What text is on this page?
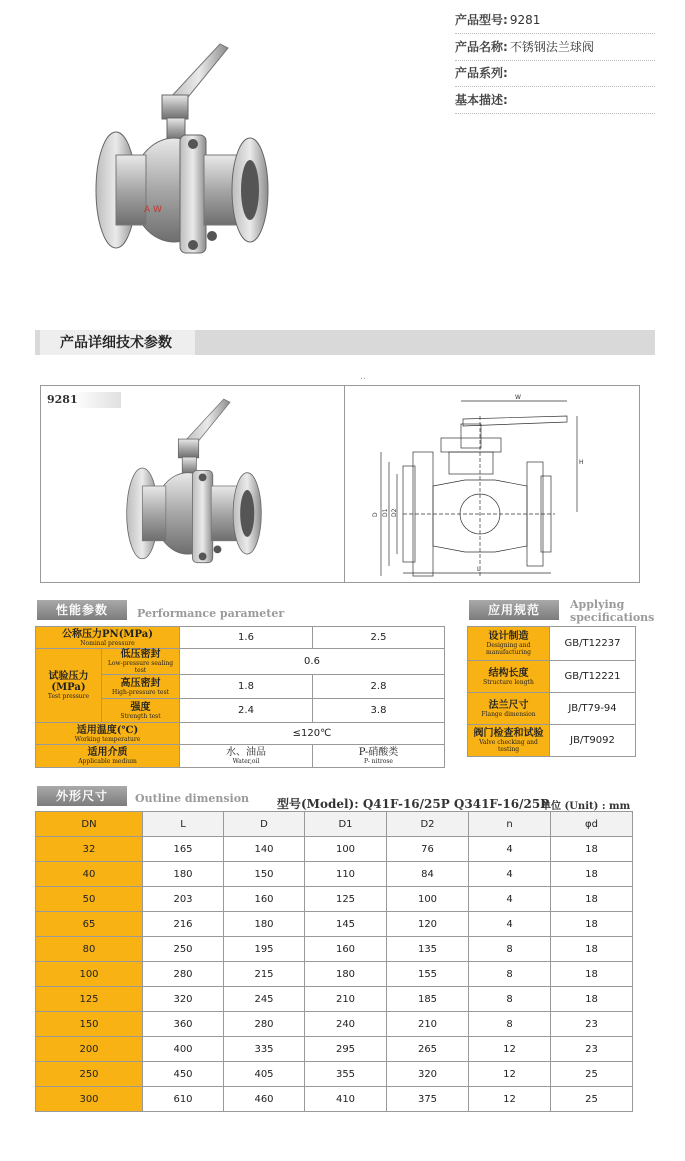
A W
产品型号: 9281
产品名称: 不锈钢法兰球阀
产品系列:
基本描述:
产品详细技术参数
..
9281	W
H
D D1 D2
L
性能参数	Performance parameter
公称压力PN(MPa)
Nominal pressure		1.6	2.5

试验压力
(MPa)
Test pressure	低压密封
Low-pressure sealing test	0.6	

	高压密封
High-pressure test	1.8	2.8

	强度
Strength test	2.4	3.8

适用温度(℃)
Working temperature		≤120℃	

适用介质
Applicable medium		水、油品
Water,oil	P-硝酸类
P- nitrose
应用规范	Applying
specifications
设计制造
Designing and manufacturing	GB/T12237

结构长度
Structure length	GB/T12221

法兰尺寸
Flange dimension	JB/T79-94

阀门检查和试验
Valve checking and testing	JB/T9092
外形尺寸	Outline dimension 型号(Model): Q41F-16/25P Q341F-16/25P
单位 (Unit) : mm
DN	L	D	D1	D2	n	φd
32	165	140	100	76	4	18
40	180	150	110	84	4	18
50	203	160	125	100	4	18
65	216	180	145	120	4	18
80	250	195	160	135	8	18
100	280	215	180	155	8	18
125	320	245	210	185	8	18
150	360	280	240	210	8	23
200	400	335	295	265	12	23
250	450	405	355	320	12	25
300	610	460	410	375	12	25
